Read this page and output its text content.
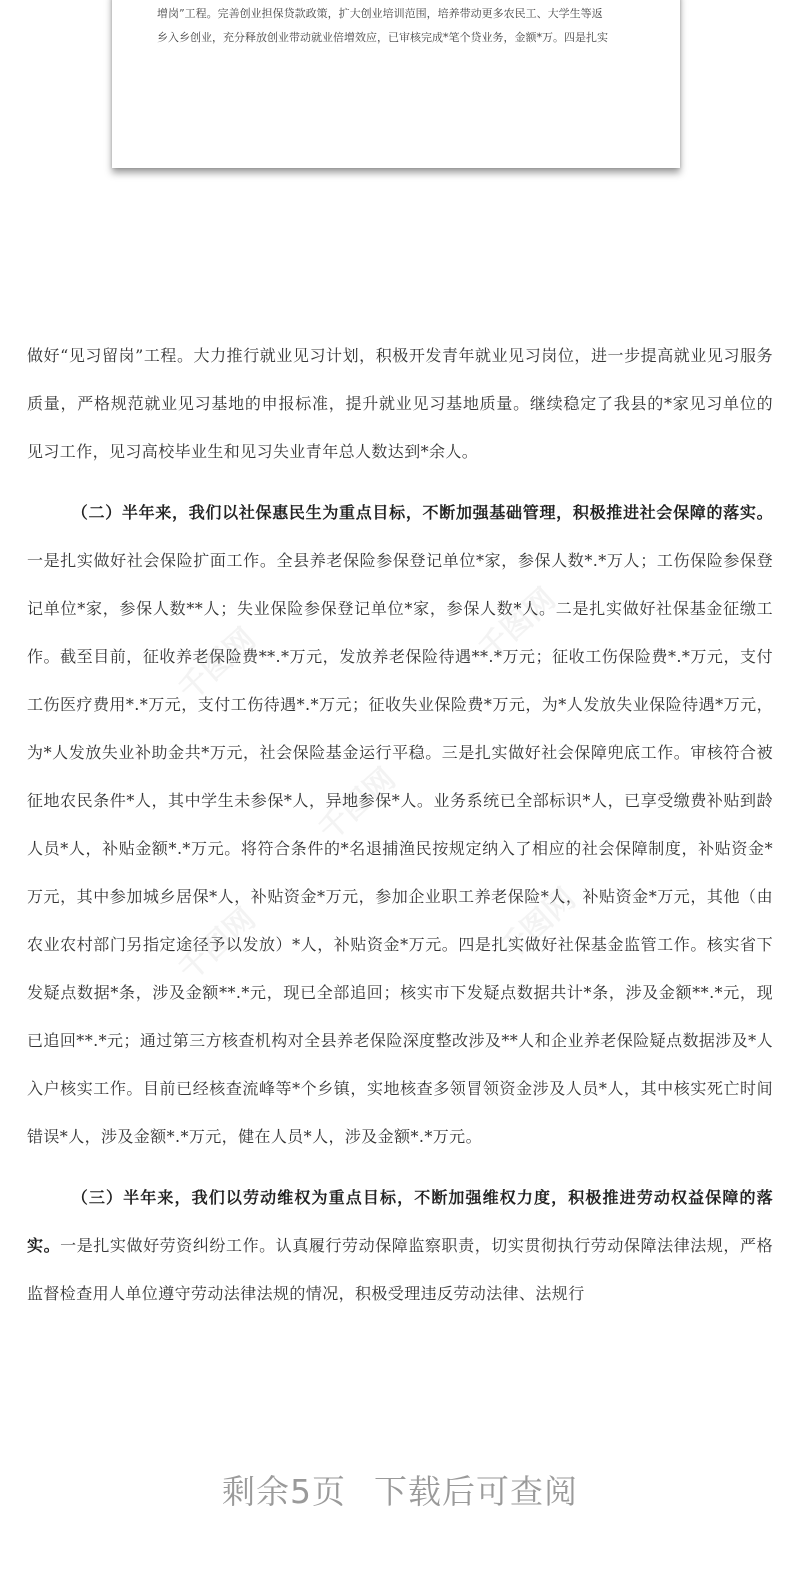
千图网	千图网
千图网
千图网	千图网

增岗”工程。完善创业担保贷款政策，扩大创业培训范围，培养带动更多农民工、大学生等返

乡入乡创业，充分释放创业带动就业倍增效应，已审核完成*笔个贷业务，金额*万。四是扎实

做好“见习留岗”工程。大力推行就业见习计划，积极开发青年就业见习岗位，进一步提高就业见习服务质量，严格规范就业见习基地的申报标准，提升就业见习基地质量。继续稳定了我县的*家见习单位的见习工作，见习高校毕业生和见习失业青年总人数达到*余人。

（二）半年来，我们以社保惠民生为重点目标，不断加强基础管理，积极推进社会保障的落实。一是扎实做好社会保险扩面工作。全县养老保险参保登记单位*家，参保人数*.*万人；工伤保险参保登记单位*家，参保人数**人；失业保险参保登记单位*家，参保人数*人。二是扎实做好社保基金征缴工作。截至目前，征收养老保险费**.*万元，发放养老保险待遇**.*万元；征收工伤保险费*.*万元，支付工伤医疗费用*.*万元，支付工伤待遇*.*万元；征收失业保险费*万元，为*人发放失业保险待遇*万元，为*人发放失业补助金共*万元，社会保险基金运行平稳。三是扎实做好社会保障兜底工作。审核符合被征地农民条件*人，其中学生未参保*人，异地参保*人。业务系统已全部标识*人，已享受缴费补贴到龄人员*人，补贴金额*.*万元。将符合条件的*名退捕渔民按规定纳入了相应的社会保障制度，补贴资金*万元，其中参加城乡居保*人，补贴资金*万元，参加企业职工养老保险*人，补贴资金*万元，其他（由农业农村部门另指定途径予以发放）*人，补贴资金*万元。四是扎实做好社保基金监管工作。核实省下发疑点数据*条，涉及金额**.*元，现已全部追回；核实市下发疑点数据共计*条，涉及金额**.*元，现已追回**.*元；通过第三方核查机构对全县养老保险深度整改涉及**人和企业养老保险疑点数据涉及*人入户核实工作。目前已经核查流峰等*个乡镇，实地核查多领冒领资金涉及人员*人，其中核实死亡时间错误*人，涉及金额*.*万元，健在人员*人，涉及金额*.*万元。

（三）半年来，我们以劳动维权为重点目标，不断加强维权力度，积极推进劳动权益保障的落实。一是扎实做好劳资纠纷工作。认真履行劳动保障监察职责，切实贯彻执行劳动保障法律法规，严格监督检查用人单位遵守劳动法律法规的情况，积极受理违反劳动法律、法规行

剩余5页 下载后可查阅
